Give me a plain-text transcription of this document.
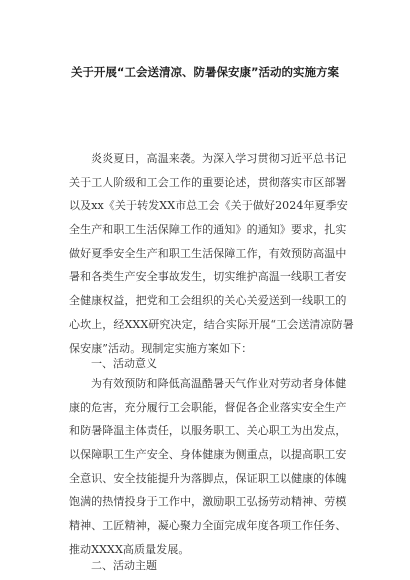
关于开展“工会送清凉、防暑保安康”活动的实施方案
炎炎夏日，高温来袭。为深入学习贯彻习近平总书记
关于工人阶级和工会工作的重要论述，贯彻落实市区部署
以及xx《关于转发XX市总工会《关于做好2024年夏季安
全生产和职工生活保障工作的通知》的通知》要求，扎实
做好夏季安全生产和职工生活保障工作，有效预防高温中
暑和各类生产安全事故发生，切实维护高温一线职工者安
全健康权益，把党和工会组织的关心关爱送到一线职工的
心坎上，经XXX研究决定，结合实际开展“工会送清凉防暑
保安康”活动。现制定实施方案如下：
一、活动意义
为有效预防和降低高温酷暑天气作业对劳动者身体健
康的危害，充分履行工会职能，督促各企业落实安全生产
和防暑降温主体责任，以服务职工、关心职工为出发点，
以保障职工生产安全、身体健康为侧重点，以提高职工安
全意识、安全技能提升为落脚点，保证职工以健康的体魄
饱满的热情投身于工作中，激励职工弘扬劳动精神、劳模
精神、工匠精神，凝心聚力全面完成年度各项工作任务、
推动XXXX高质量发展。
二、活动主题
